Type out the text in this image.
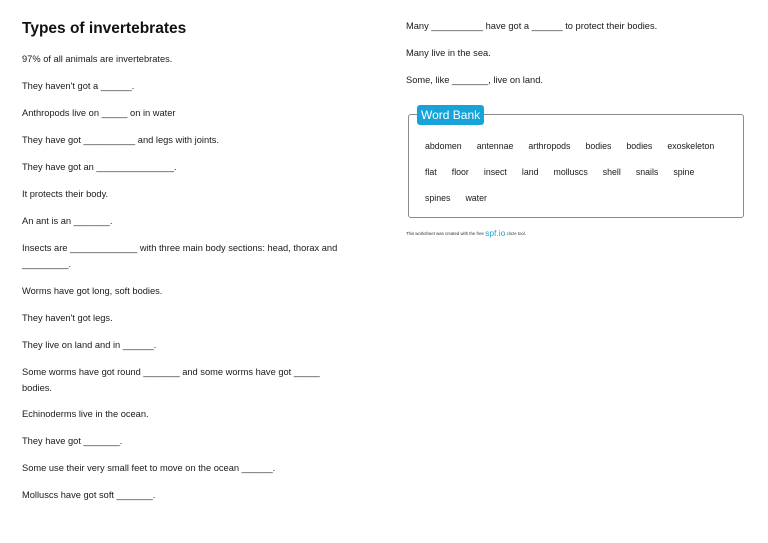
Types of invertebrates
97% of all animals are invertebrates.
They haven't got a ______.
Anthropods live on _____ on in water
They have got __________ and legs with joints.
They have got an _______________.
It protects their body.
An ant is an _______.
Insects are _____________ with three main body sections: head, thorax and _________.
Worms have got long, soft bodies.
They haven't got legs.
They live on land and in ______.
Some worms have got round _______ and some worms have got _____ bodies.
Echinoderms live in the ocean.
They have got _______.
Some use their very small feet to move on the ocean ______.
Molluscs have got soft _______.
Many __________ have got a ______ to protect their bodies.
Many live in the sea.
Some, like _______, live on land.
Word Bank
abdomen antennae arthropods bodies bodies exoskeleton
flat floor insect land molluscs shell snails spine
spines water
This worksheet was created with the free spf.io cloze tool.
